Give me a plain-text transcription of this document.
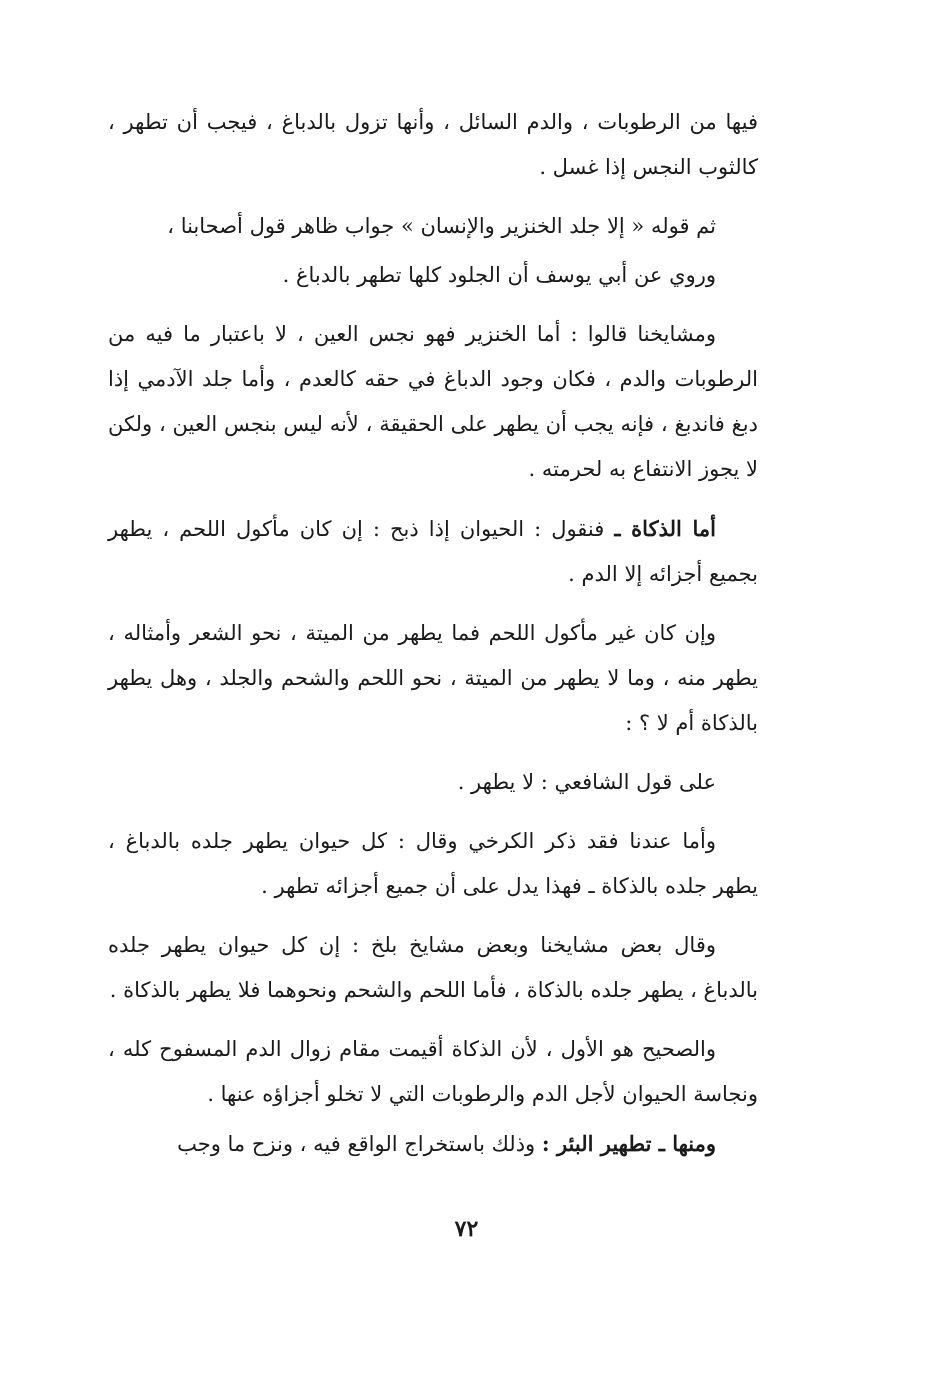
فيها من الرطوبات ، والدم السائل ، وأنها تزول بالدباغ ، فيجب أن تطهر ، كالثوب النجس إذا غسل .

ثم قوله « إلا جلد الخنزير والإنسان » جواب ظاهر قول أصحابنا ،

وروي عن أبي يوسف أن الجلود كلها تطهر بالدباغ .

ومشايخنا قالوا : أما الخنزير فهو نجس العين ، لا باعتبار ما فيه من الرطوبات والدم ، فكان وجود الدباغ في حقه كالعدم ، وأما جلد الآدمي إذا دبغ فاندبغ ، فإنه يجب أن يطهر على الحقيقة ، لأنه ليس بنجس العين ، ولكن لا يجوز الانتفاع به لحرمته .

أما الذكاة ـ فنقول : الحيوان إذا ذبح : إن كان مأكول اللحم ، يطهر بجميع أجزائه إلا الدم .

وإن كان غير مأكول اللحم فما يطهر من الميتة ، نحو الشعر وأمثاله ، يطهر منه ، وما لا يطهر من الميتة ، نحو اللحم والشحم والجلد ، وهل يطهر بالذكاة أم لا ؟ :

على قول الشافعي : لا يطهر .

وأما عندنا فقد ذكر الكرخي وقال : كل حيوان يطهر جلده بالدباغ ، يطهر جلده بالذكاة ـ فهذا يدل على أن جميع أجزائه تطهر .

وقال بعض مشايخنا وبعض مشايخ بلخ : إن كل حيوان يطهر جلده بالدباغ ، يطهر جلده بالذكاة ، فأما اللحم والشحم ونحوهما فلا يطهر بالذكاة .

والصحيح هو الأول ، لأن الذكاة أقيمت مقام زوال الدم المسفوح كله ، ونجاسة الحيوان لأجل الدم والرطوبات التي لا تخلو أجزاؤه عنها .

ومنها ـ تطهير البئر : وذلك باستخراج الواقع فيه ، ونزح ما وجب

٧٢
